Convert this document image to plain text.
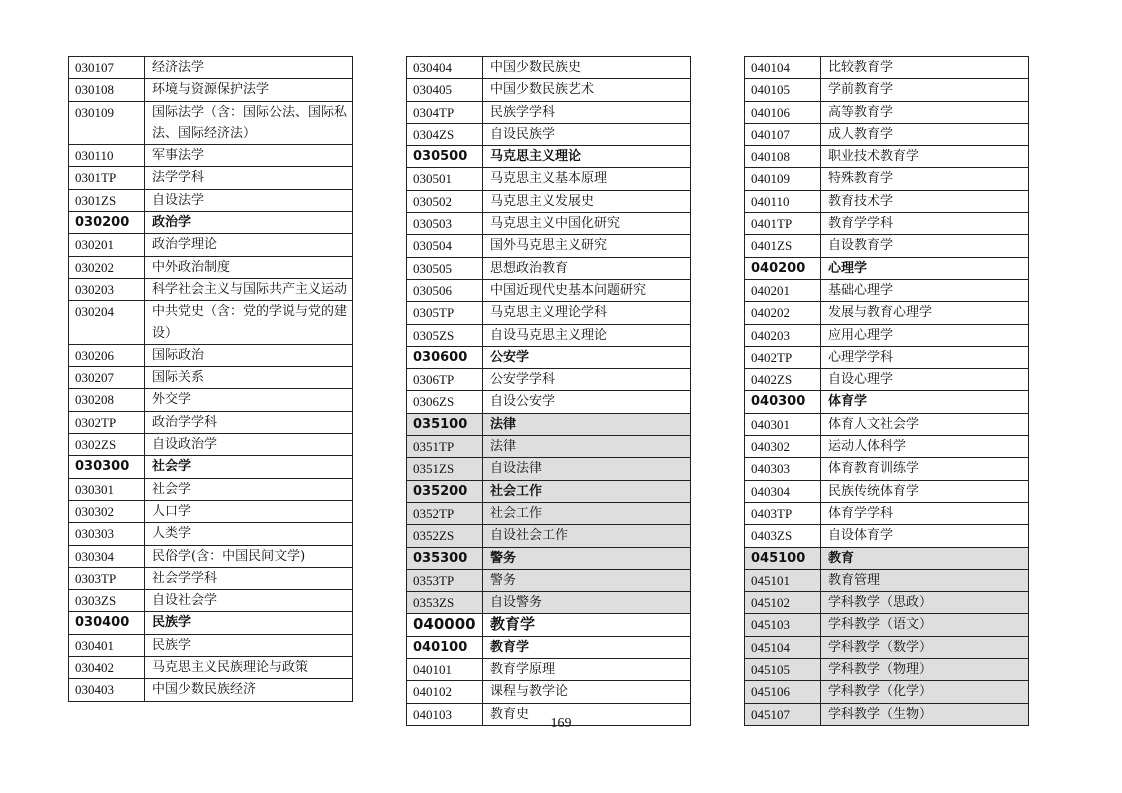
030107	经济法学
030108	环境与资源保护法学
030109	国际法学（含：国际公法、国际私法、国际经济法）
030110	军事法学
0301TP	法学学科
0301ZS	自设法学
030200	政治学
030201	政治学理论
030202	中外政治制度
030203	科学社会主义与国际共产主义运动
030204	中共党史（含：党的学说与党的建设）
030206	国际政治
030207	国际关系
030208	外交学
0302TP	政治学学科
0302ZS	自设政治学
030300	社会学
030301	社会学
030302	人口学
030303	人类学
030304	民俗学(含：中国民间文学)
0303TP	社会学学科
0303ZS	自设社会学
030400	民族学
030401	民族学
030402	马克思主义民族理论与政策
030403	中国少数民族经济
030404	中国少数民族史
030405	中国少数民族艺术
0304TP	民族学学科
0304ZS	自设民族学
030500	马克思主义理论
030501	马克思主义基本原理
030502	马克思主义发展史
030503	马克思主义中国化研究
030504	国外马克思主义研究
030505	思想政治教育
030506	中国近现代史基本问题研究
0305TP	马克思主义理论学科
0305ZS	自设马克思主义理论
030600	公安学
0306TP	公安学学科
0306ZS	自设公安学
035100	法律
0351TP	法律
0351ZS	自设法律
035200	社会工作
0352TP	社会工作
0352ZS	自设社会工作
035300	警务
0353TP	警务
0353ZS	自设警务
040000	教育学
040100	教育学
040101	教育学原理
040102	课程与教学论
040103	教育史
040104	比较教育学
040105	学前教育学
040106	高等教育学
040107	成人教育学
040108	职业技术教育学
040109	特殊教育学
040110	教育技术学
0401TP	教育学学科
0401ZS	自设教育学
040200	心理学
040201	基础心理学
040202	发展与教育心理学
040203	应用心理学
0402TP	心理学学科
0402ZS	自设心理学
040300	体育学
040301	体育人文社会学
040302	运动人体科学
040303	体育教育训练学
040304	民族传统体育学
0403TP	体育学学科
0403ZS	自设体育学
045100	教育
045101	教育管理
045102	学科教学（思政）
045103	学科教学（语文）
045104	学科教学（数学）
045105	学科教学（物理）
045106	学科教学（化学）
045107	学科教学（生物）
169
